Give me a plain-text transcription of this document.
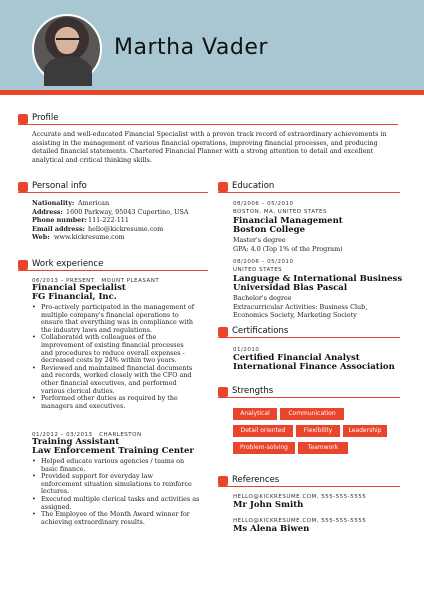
Martha Vader
Profile
Accurate and well-educated Financial Specialist with a proven track record of extraordinary achievements in
assisting in the management of various financial operations, improving financial processes, and producing
detailed financial statements. Chartered Financial Planner with a strong attention to detail and excellent
analytical and critical thinking skills.
Personal info
Nationality: American
Address: 1600 Parkway, 95043 Cupertino, USA
Phone number:111-222-111
Email address: hello@kickresume.com
Web: www.kickresume.com
Work experience
06/2013 – PRESENT MOUNT PLEASANT
Financial Specialist
FG Financial, Inc.
• Pro-actively participated in the management of
multiple company's financial operations to
ensure that everything was in compliance with
the industry laws and regulations.
• Collaborated with colleagues of the
improvement of existing financial processes
and procedures to reduce overall expenses -
decreased costs by 24% within two years.
• Reviewed and maintained financial documents
and records, worked closely with the CFO and
other financial executives, and performed
various clerical duties.
• Performed other duties as required by the
managers and executives.
01/2012 – 03/2013 CHARLESTON
Training Assistant
Law Enforcement Training Center
• Helped educate various agencies / teams on
basic finance.
• Provided support for everyday law
enforcement situation simulations to reinforce
lectures.
• Executed multiple clerical tasks and activities as
assigned.
• The Employee of the Month Award winner for
achieving extraordinary results.
Education
08/2006 – 05/2010
BOSTON, MA, UNITED STATES
Financial Management
Boston College
Master's degree
GPA: 4.0 (Top 1% of the Program)
08/2006 – 05/2010
UNITED STATES
Language & International Business
Universidad Blas Pascal
Bachelor's degree
Extracurricular Activities: Business Club,
Economics Society, Marketing Society
Certifications
01/2010
Certified Financial Analyst
International Finance Association
Strengths
Analytical	Communication
Detail oriented	Flexibility	Leadership
Problem-solving	Teamwork
References
HELLO@KICKRESUME.COM, 555-555-5555
Mr John Smith
HELLO@KICKRESUME.COM, 555-555-5555
Ms Alena Biwen
